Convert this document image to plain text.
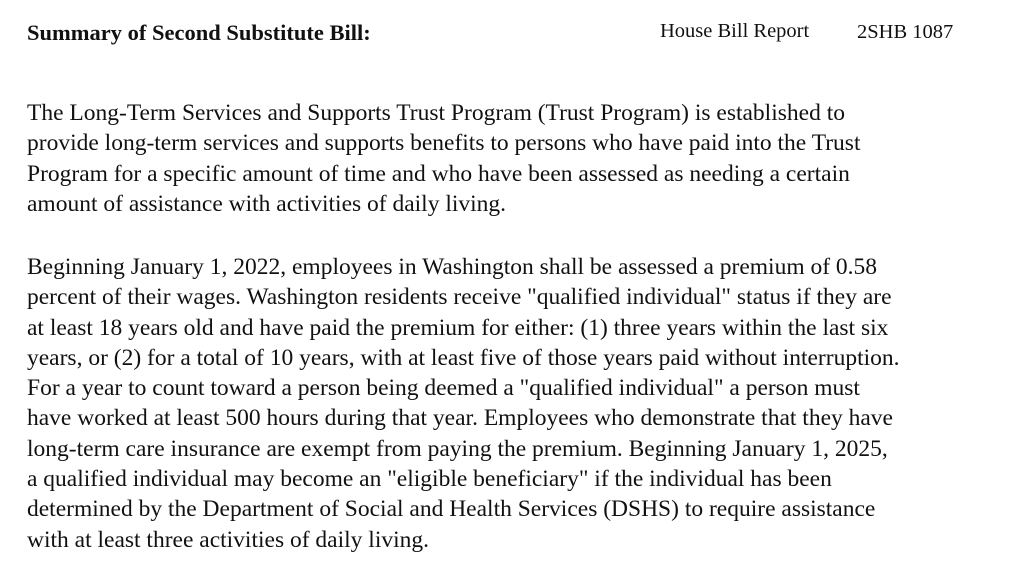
Summary of Second Substitute Bill:	House Bill Report 2SHB 1087
The Long-Term Services and Supports Trust Program (Trust Program) is established to
provide long-term services and supports benefits to persons who have paid into the Trust
Program for a specific amount of time and who have been assessed as needing a certain
amount of assistance with activities of daily living.
Beginning January 1, 2022, employees in Washington shall be assessed a premium of 0.58
percent of their wages. Washington residents receive "qualified individual" status if they are
at least 18 years old and have paid the premium for either: (1) three years within the last six
years, or (2) for a total of 10 years, with at least five of those years paid without interruption.
For a year to count toward a person being deemed a "qualified individual" a person must
have worked at least 500 hours during that year. Employees who demonstrate that they have
long-term care insurance are exempt from paying the premium. Beginning January 1, 2025,
a qualified individual may become an "eligible beneficiary" if the individual has been
determined by the Department of Social and Health Services (DSHS) to require assistance
with at least three activities of daily living.
